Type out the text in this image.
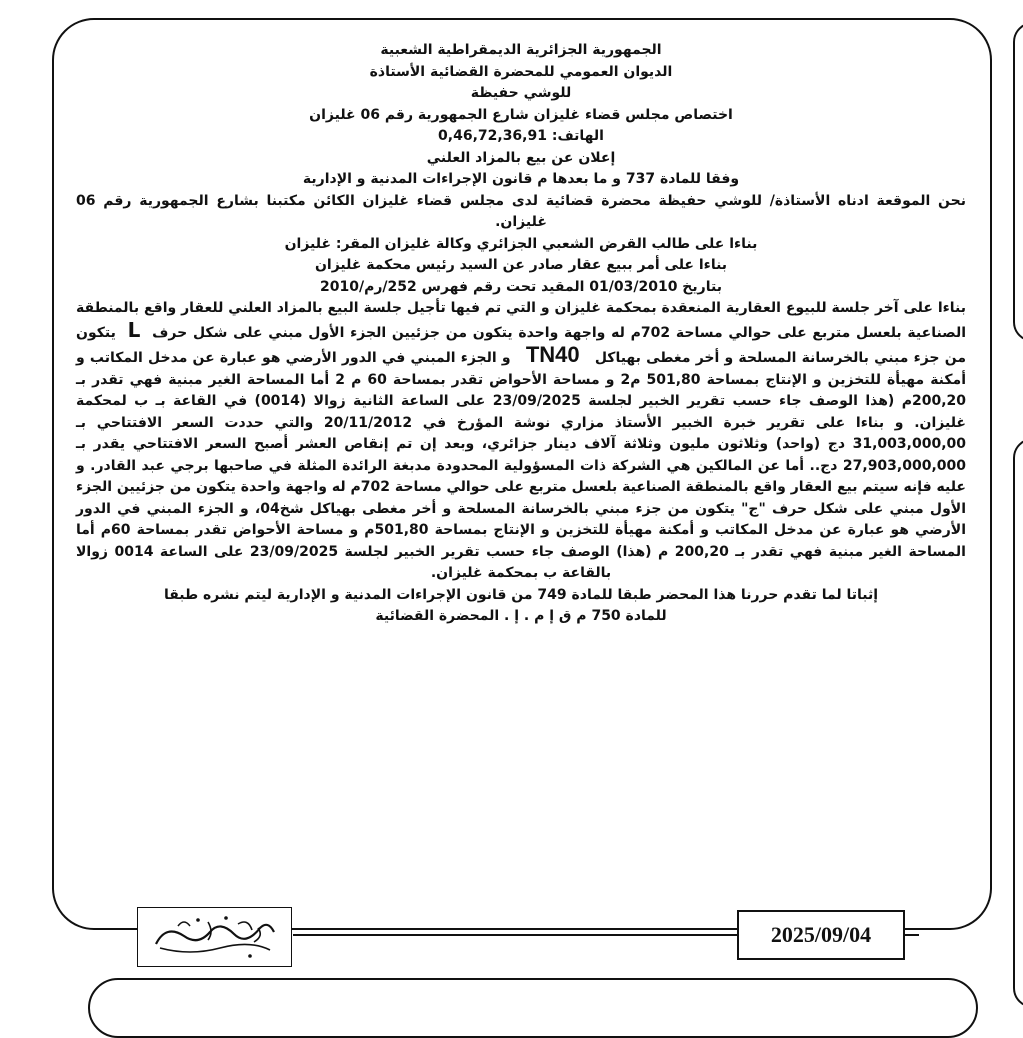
الجمهورية الجزائرية الديمقراطية الشعبية

الديوان العمومي للمحضرة القضائية الأستاذة

للوشي حفيظة

اختصاص مجلس قضاء غليزان شارع الجمهورية رقم 06 غليزان

الهاتف: 0,46,72,36,91

إعلان عن بيع بالمزاد العلني

وفقا للمادة 737 و ما بعدها م قانون الإجراءات المدنية و الإدارية

نحن الموقعة ادناه الأستاذة/ للوشي حفيظة محضرة قضائية لدى مجلس قضاء غليزان الكائن مكتبنا بشارع الجمهورية رقم 06 غليزان.

بناءا على طالب القرض الشعبي الجزائري وكالة غليزان المقر: غليزان

بناءا على أمر ببيع عقار صادر عن السيد رئيس محكمة غليزان

بتاريخ 01/03/2010 المقيد تحت رقم فهرس 252/رم/2010

بناءا على آخر جلسة للبيوع العقارية المنعقدة بمحكمة غليزان و التي تم فيها تأجيل جلسة البيع بالمزاد العلني للعقار واقع بالمنطقة الصناعية بلعسل متربع على حوالي مساحة 702م له واجهة واحدة يتكون من جزئيين الجزء الأول مبني على شكل حرف L يتكون من جزء مبني بالخرسانة المسلحة و أخر مغطى بهياكل TN40 و الجزء المبني في الدور الأرضي هو عبارة عن مدخل المكاتب و أمكنة مهيأة للتخزين و الإنتاج بمساحة 501,80 م2 و مساحة الأحواض تقدر بمساحة 60 م 2 أما المساحة الغير مبنية فهي تقدر بـ 200,20م (هذا الوصف جاء حسب تقرير الخبير لجلسة 23/09/2025 على الساعة الثانية زوالا (0014) في القاعة بـ ب لمحكمة غليزان. و بناءا على تقرير خبرة الخبير الأستاذ مزاري نوشة المؤرخ في 20/11/2012 والتي حددت السعر الافتتاحي بـ 31,003,000,00 دج (واحد) وثلاثون مليون وثلاثة آلاف دينار جزائري، وبعد إن تم إنقاص العشر أصبح السعر الافتتاحي يقدر بـ 27,903,000,000 دج.. أما عن المالكين هي الشركة ذات المسؤولية المحدودة مدبغة الرائدة المثلة في صاحبها برجي عبد القادر. و عليه فإنه سيتم بيع العقار واقع بالمنطقة الصناعية بلعسل متربع على حوالي مساحة 702م له واجهة واحدة يتكون من جزئيين الجزء الأول مبني على شكل حرف "ج" يتكون من جزء مبني بالخرسانة المسلحة و أخر مغطى بهياكل شخ04، و الجزء المبني في الدور الأرضي هو عبارة عن مدخل المكاتب و أمكنة مهيأة للتخزين و الإنتاج بمساحة 501,80م و مساحة الأحواض تقدر بمساحة 60م أما المساحة الغير مبنية فهي تقدر بـ 200,20 م (هذا) الوصف جاء حسب تقرير الخبير لجلسة 23/09/2025 على الساعة 0014 زوالا بالقاعة ب بمحكمة غليزان.

إثباتا لما تقدم حررنا هذا المحضر طبقا للمادة 749 من قانون الإجراءات المدنية و الإدارية ليتم نشره طبقا

للمادة 750 م ق إ م . إ . المحضرة القضائية

2025/09/04
